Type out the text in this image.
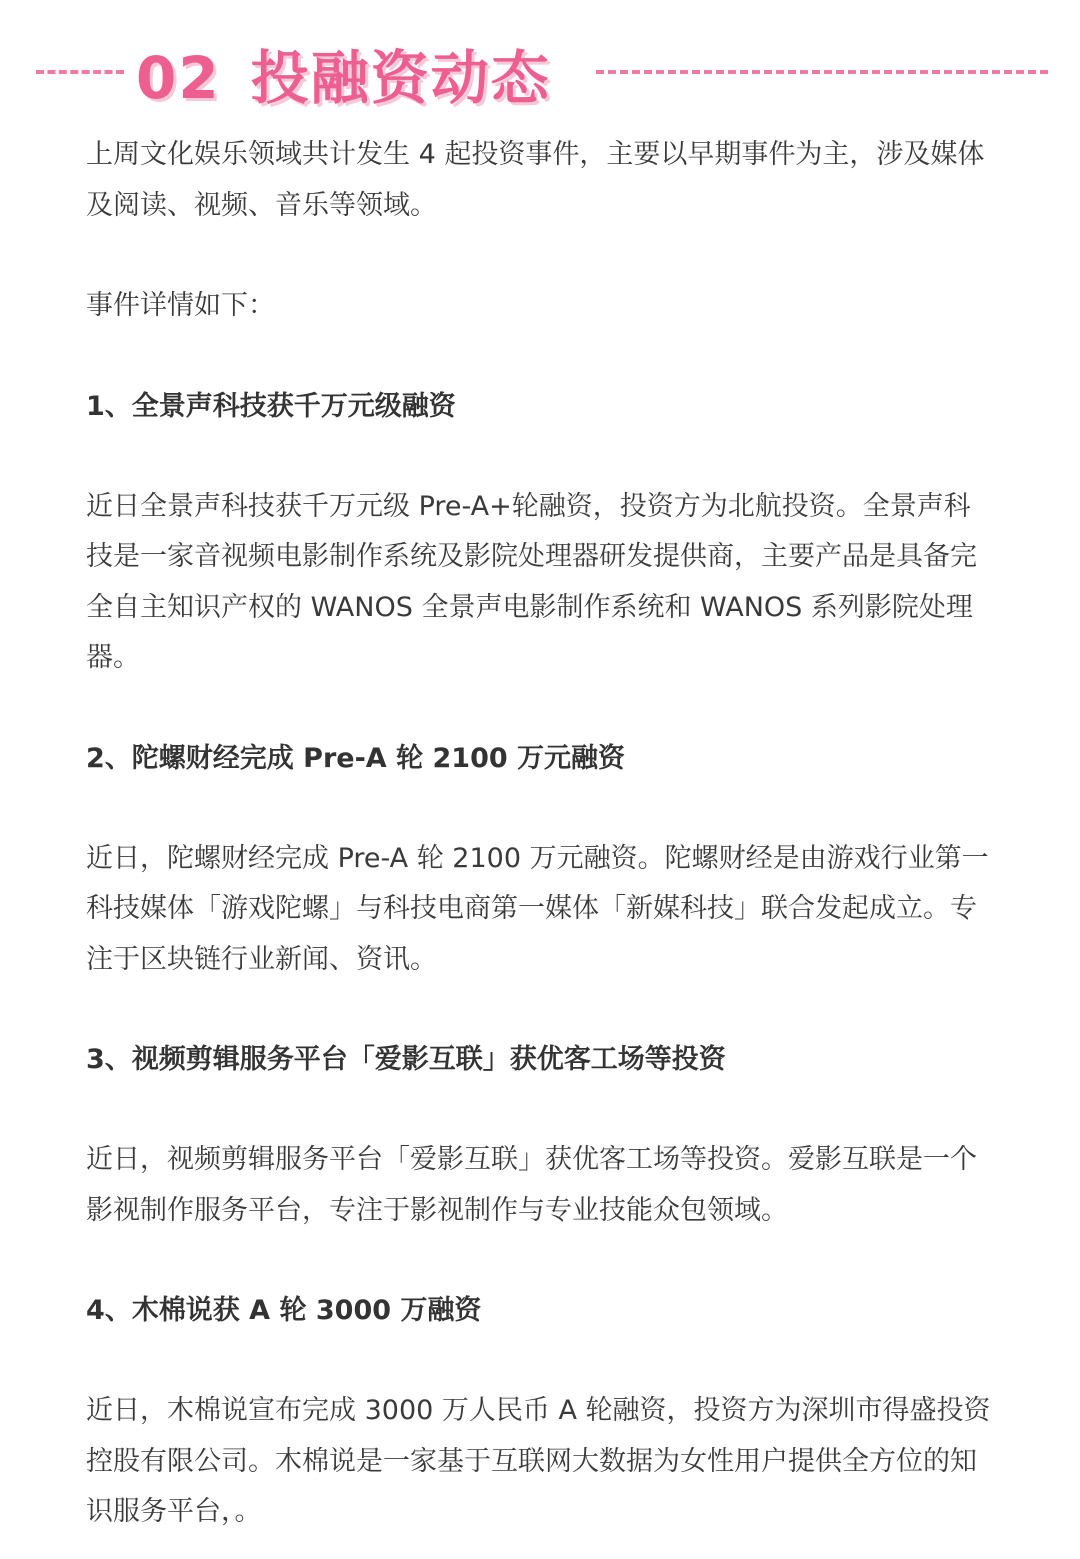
02 投融资动态

上周文化娱乐领域共计发生 4 起投资事件，主要以早期事件为主，涉及媒体及阅读、视频、音乐等领域。

事件详情如下：

1、全景声科技获千万元级融资

近日全景声科技获千万元级 Pre-A+轮融资，投资方为北航投资。全景声科技是一家音视频电影制作系统及影院处理器研发提供商，主要产品是具备完全自主知识产权的 WANOS 全景声电影制作系统和 WANOS 系列影院处理器。

2、陀螺财经完成 Pre-A 轮 2100 万元融资

近日，陀螺财经完成 Pre-A 轮 2100 万元融资。陀螺财经是由游戏行业第一科技媒体「游戏陀螺」与科技电商第一媒体「新媒科技」联合发起成立。专注于区块链行业新闻、资讯。

3、视频剪辑服务平台「爱影互联」获优客工场等投资

近日，视频剪辑服务平台「爱影互联」获优客工场等投资。爱影互联是一个影视制作服务平台，专注于影视制作与专业技能众包领域。

4、木棉说获 A 轮 3000 万融资

近日，木棉说宣布完成 3000 万人民币 A 轮融资，投资方为深圳市得盛投资控股有限公司。木棉说是一家基于互联网大数据为女性用户提供全方位的知识服务平台，。
